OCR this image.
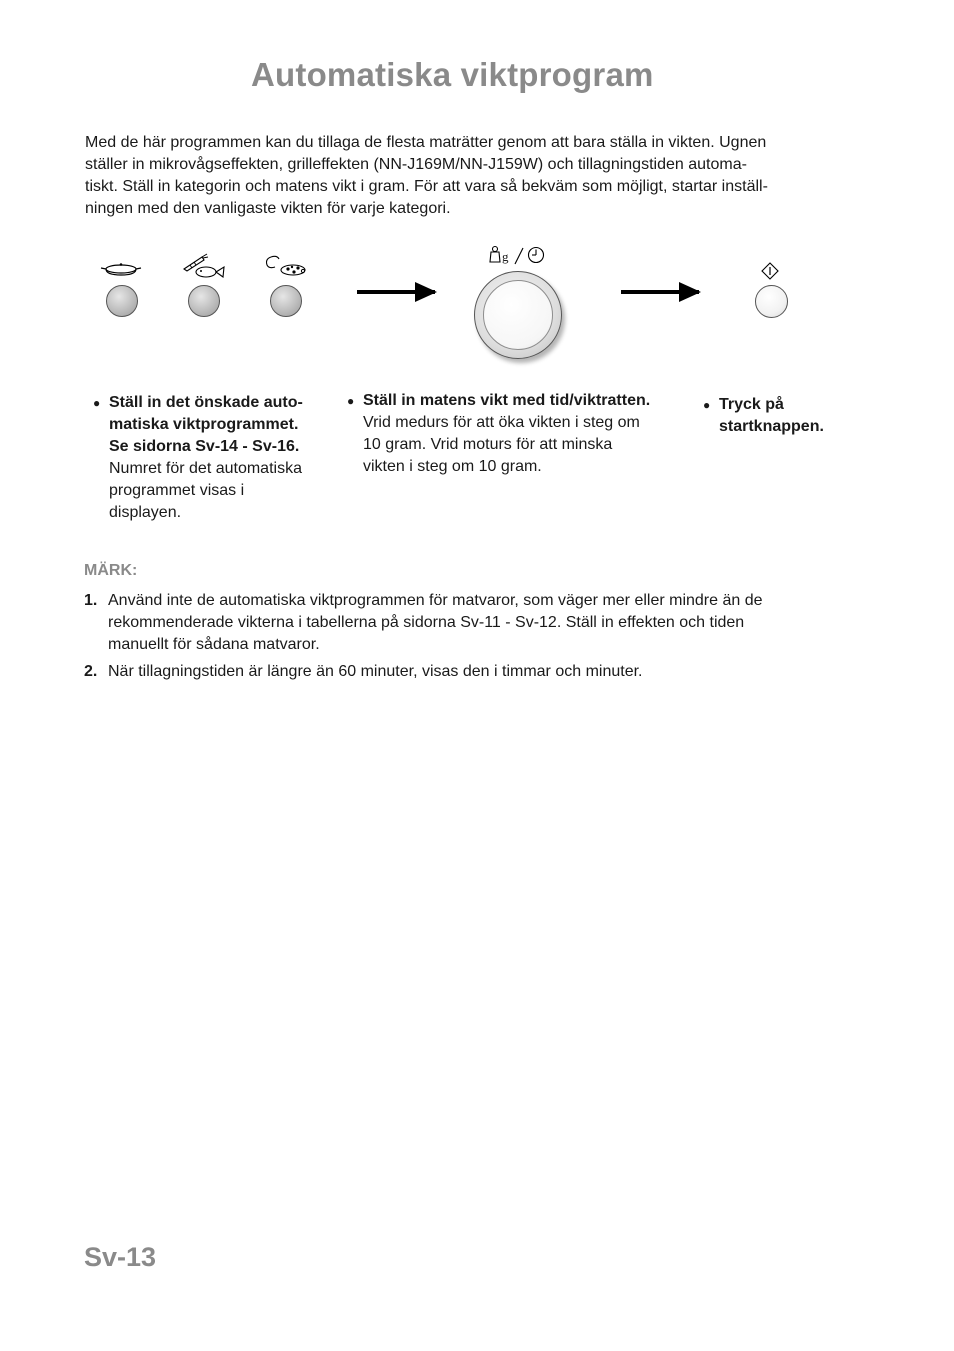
Automatiska viktprogram
Med de här programmen kan du tillaga de flesta maträtter genom att bara ställa in vikten. Ugnen
ställer in mikrovågseffekten, grilleffekten (NN-J169M/NN-J159W) och tillagningstiden automa-
tiskt. Ställ in kategorin och matens vikt i gram. För att vara så bekväm som möjligt, startar inställ-
ningen med den vanligaste vikten för varje kategori.
g
● Ställ in det önskade auto-
matiska viktprogrammet.
Se sidorna Sv-14 - Sv-16.
Numret för det automatiska
programmet visas i
displayen.
● Ställ in matens vikt med tid/viktratten.
Vrid medurs för att öka vikten i steg om
10 gram. Vrid moturs för att minska
vikten i steg om 10 gram.
● Tryck på
startknappen.
MÄRK:
1. Använd inte de automatiska viktprogrammen för matvaror, som väger mer eller mindre än de
rekommenderade vikterna i tabellerna på sidorna Sv-11 - Sv-12. Ställ in effekten och tiden
manuellt för sådana matvaror.
2. När tillagningstiden är längre än 60 minuter, visas den i timmar och minuter.
Sv-13
